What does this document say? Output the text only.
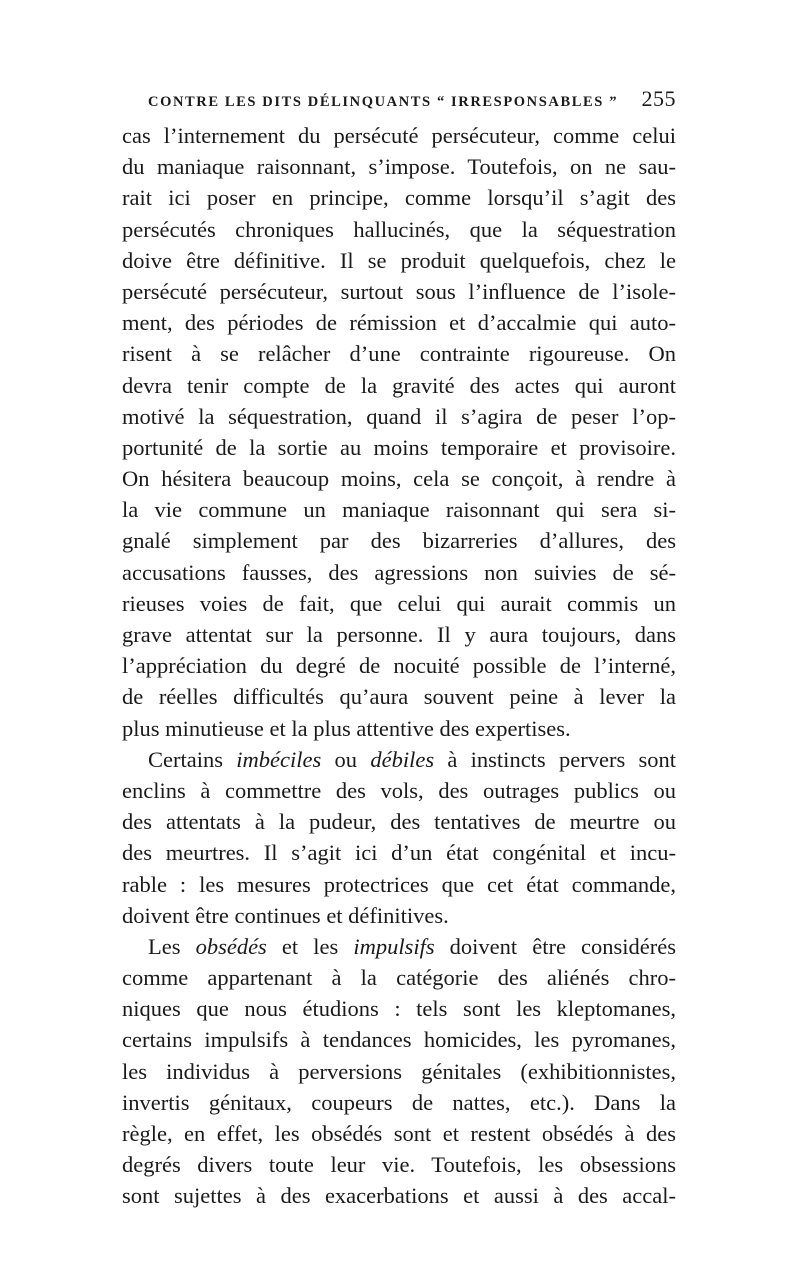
CONTRE LES DITS DÉLINQUANTS “ IRRESPONSABLES ” 255
cas l’internement du persécuté persécuteur, comme celui
du maniaque raisonnant, s’impose. Toutefois, on ne sau-
rait ici poser en principe, comme lorsqu’il s’agit des
persécutés chroniques hallucinés, que la séquestration
doive être définitive. Il se produit quelquefois, chez le
persécuté persécuteur, surtout sous l’influence de l’isole-
ment, des périodes de rémission et d’accalmie qui auto-
risent à se relâcher d’une contrainte rigoureuse. On
devra tenir compte de la gravité des actes qui auront
motivé la séquestration, quand il s’agira de peser l’op-
portunité de la sortie au moins temporaire et provisoire.
On hésitera beaucoup moins, cela se conçoit, à rendre à
la vie commune un maniaque raisonnant qui sera si-
gnalé simplement par des bizarreries d’allures, des
accusations fausses, des agressions non suivies de sé-
rieuses voies de fait, que celui qui aurait commis un
grave attentat sur la personne. Il y aura toujours, dans
l’appréciation du degré de nocuité possible de l’interné,
de réelles difficultés qu’aura souvent peine à lever la
plus minutieuse et la plus attentive des expertises.
Certains imbéciles ou débiles à instincts pervers sont
enclins à commettre des vols, des outrages publics ou
des attentats à la pudeur, des tentatives de meurtre ou
des meurtres. Il s’agit ici d’un état congénital et incu-
rable : les mesures protectrices que cet état commande,
doivent être continues et définitives.
Les obsédés et les impulsifs doivent être considérés
comme appartenant à la catégorie des aliénés chro-
niques que nous étudions : tels sont les kleptomanes,
certains impulsifs à tendances homicides, les pyromanes,
les individus à perversions génitales (exhibitionnistes,
invertis génitaux, coupeurs de nattes, etc.). Dans la
règle, en effet, les obsédés sont et restent obsédés à des
degrés divers toute leur vie. Toutefois, les obsessions
sont sujettes à des exacerbations et aussi à des accal-
